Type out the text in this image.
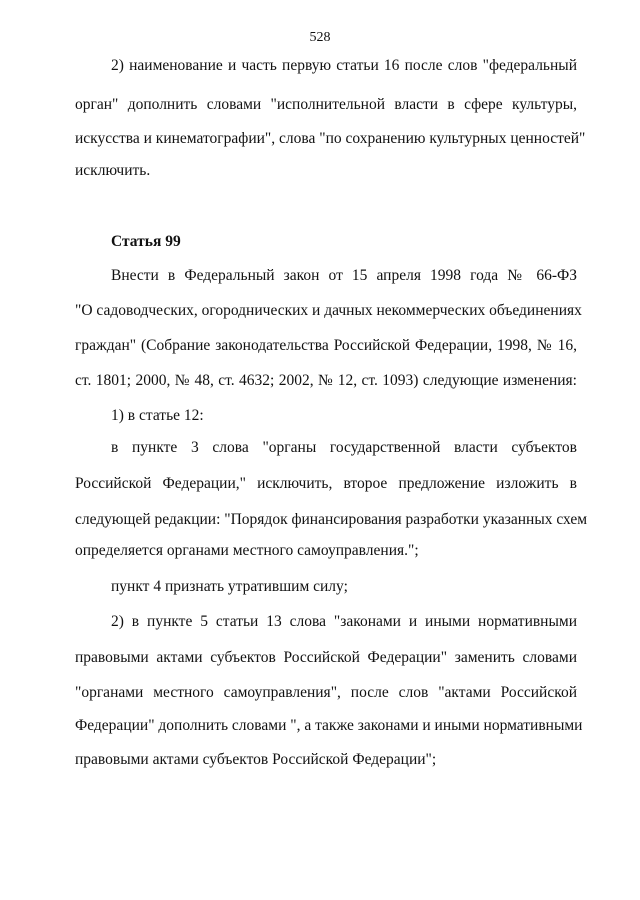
528
2) наименование и часть первую статьи 16 после слов "федеральный
орган" дополнить словами "исполнительной власти в сфере культуры,
искусства и кинематографии", слова "по сохранению культурных ценностей"
исключить.
Статья 99
Внести в Федеральный закон от 15 апреля 1998 года № 66-ФЗ
"О садоводческих, огороднических и дачных некоммерческих объединениях
граждан" (Собрание законодательства Российской Федерации, 1998, № 16,
ст. 1801; 2000, № 48, ст. 4632; 2002, № 12, ст. 1093) следующие изменения:
1) в статье 12:
в пункте 3 слова "органы государственной власти субъектов
Российской Федерации," исключить, второе предложение изложить в
следующей редакции: "Порядок финансирования разработки указанных схем
определяется органами местного самоуправления.";
пункт 4 признать утратившим силу;
2) в пункте 5 статьи 13 слова "законами и иными нормативными
правовыми актами субъектов Российской Федерации" заменить словами
"органами местного самоуправления", после слов "актами Российской
Федерации" дополнить словами ", а также законами и иными нормативными
правовыми актами субъектов Российской Федерации";
